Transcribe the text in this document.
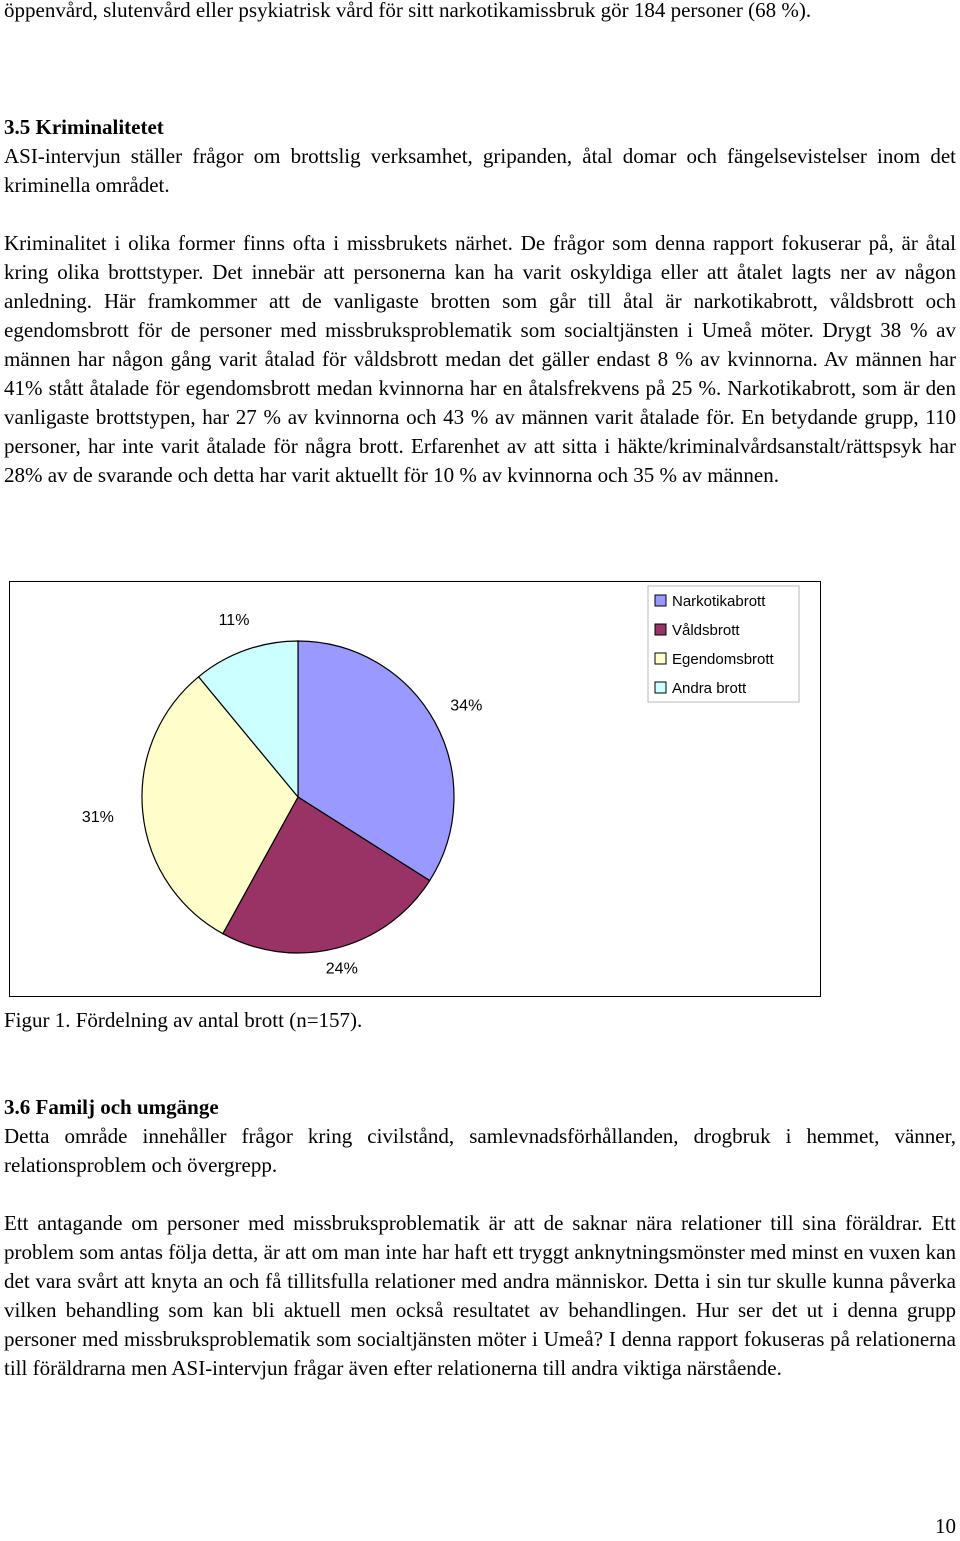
öppenvård, slutenvård eller psykiatrisk vård för sitt narkotikamissbruk gör 184 personer (68 %).

3.5 Kriminalitetet

ASI-intervjun ställer frågor om brottslig verksamhet, gripanden, åtal domar och fängelsevistelser inom det kriminella området.

Kriminalitet i olika former finns ofta i missbrukets närhet. De frågor som denna rapport fokuserar på, är åtal kring olika brottstyper. Det innebär att personerna kan ha varit oskyldiga eller att åtalet lagts ner av någon anledning. Här framkommer att de vanligaste brotten som går till åtal är narkotikabrott, våldsbrott och egendomsbrott för de personer med missbruksproblematik som socialtjänsten i Umeå möter. Drygt 38 % av männen har någon gång varit åtalad för våldsbrott medan det gäller endast 8 % av kvinnorna. Av männen har 41% stått åtalade för egendomsbrott medan kvinnorna har en åtalsfrekvens på 25 %. Narkotikabrott, som är den vanligaste brottstypen, har 27 % av kvinnorna och 43 % av männen varit åtalade för. En betydande grupp, 110 personer, har inte varit åtalade för några brott. Erfarenhet av att sitta i häkte/kriminalvårdsanstalt/rättspsyk har 28% av de svarande och detta har varit aktuellt för 10 % av kvinnorna och 35 % av männen.

34%
24%
31%
11%
Narkotikabrott
Våldsbrott
Egendomsbrott
Andra brott

Figur 1. Fördelning av antal brott (n=157).

3.6 Familj och umgänge

Detta område innehåller frågor kring civilstånd, samlevnadsförhållanden, drogbruk i hemmet, vänner, relationsproblem och övergrepp.

Ett antagande om personer med missbruksproblematik är att de saknar nära relationer till sina föräldrar. Ett problem som antas följa detta, är att om man inte har haft ett tryggt anknytningsmönster med minst en vuxen kan det vara svårt att knyta an och få tillitsfulla relationer med andra människor. Detta i sin tur skulle kunna påverka vilken behandling som kan bli aktuell men också resultatet av behandlingen. Hur ser det ut i denna grupp personer med missbruksproblematik som socialtjänsten möter i Umeå? I denna rapport fokuseras på relationerna till föräldrarna men ASI-intervjun frågar även efter relationerna till andra viktiga närstående.

10
